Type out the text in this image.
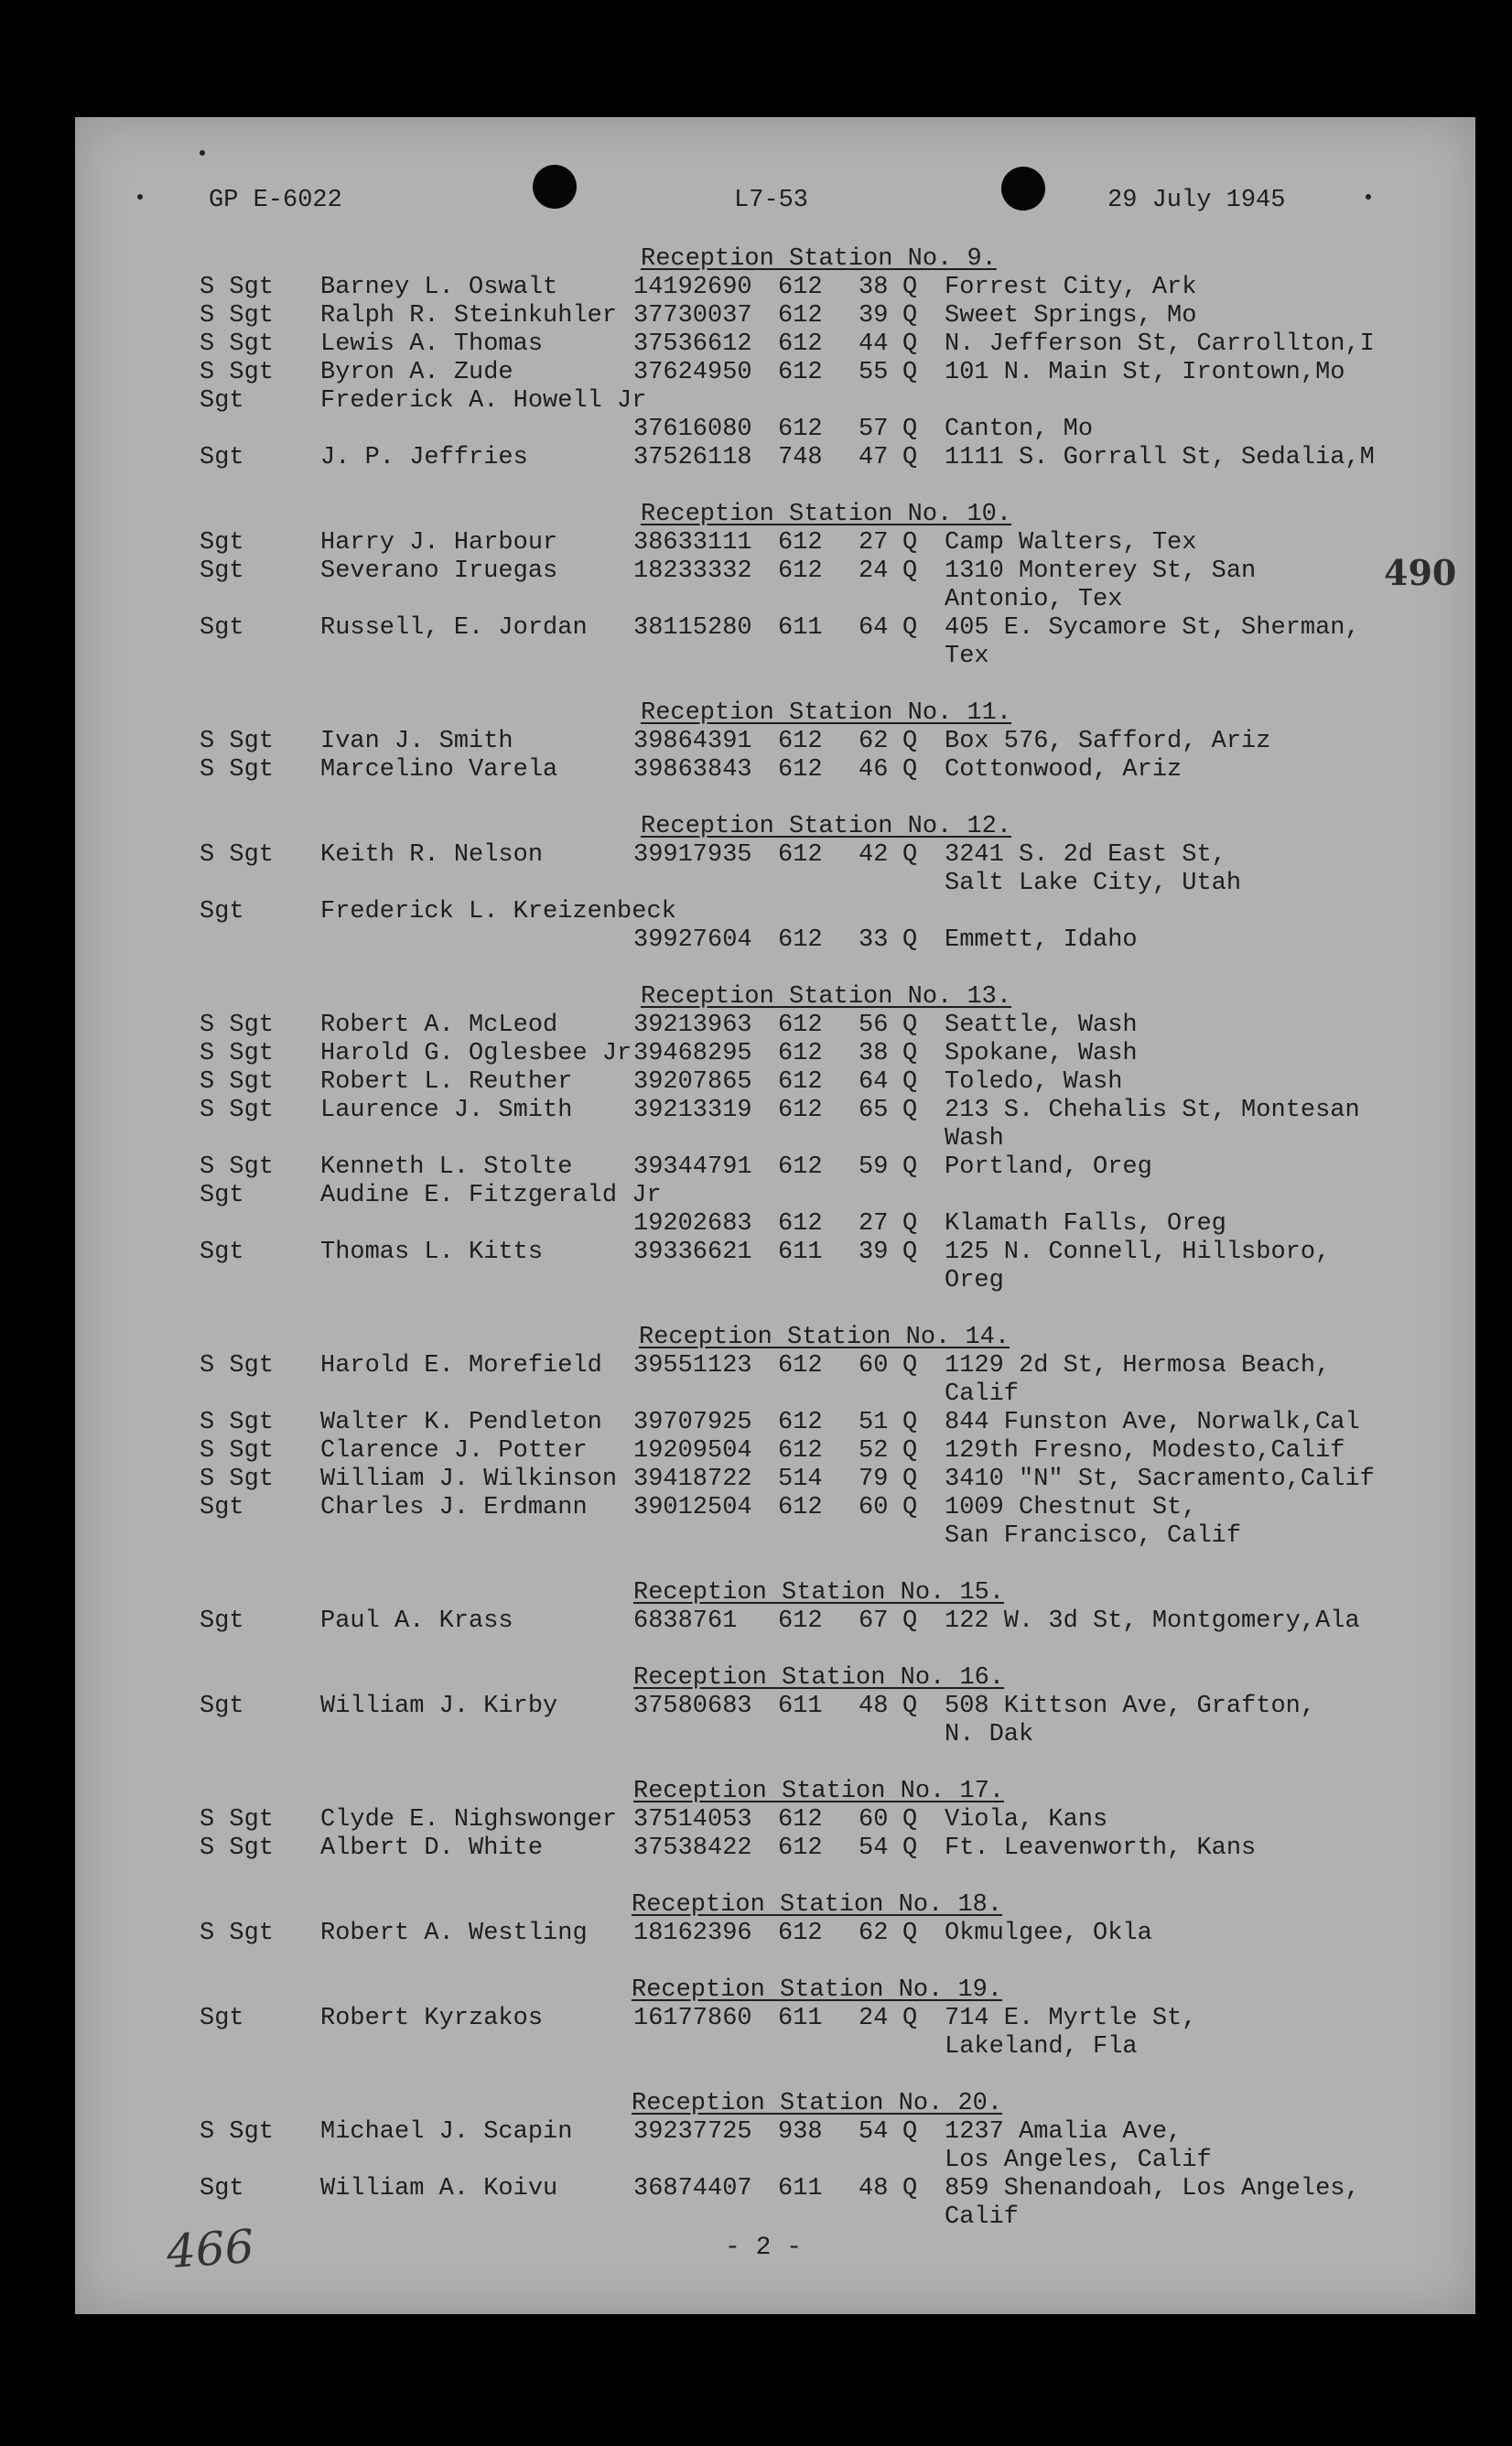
GP E-6022	L7-53	29 July 1945
Reception Station No. 9.
S Sgt	Barney L. Oswalt	14192690	612	38 Q	Forrest City, Ark
S Sgt	Ralph R. Steinkuhler 37730037	612	39 Q	Sweet Springs, Mo
S Sgt	Lewis A. Thomas	37536612	612	44 Q	N. Jefferson St, Carrollton,I
S Sgt	Byron A. Zude	37624950	612	55 Q	101 N. Main St, Irontown,Mo
Sgt	Frederick A. Howell Jr
37616080	612	57 Q	Canton, Mo
Sgt	J. P. Jeffries	37526118	748	47 Q	1111 S. Gorrall St, Sedalia,M
Reception Station No. 10.
Sgt	Harry J. Harbour	38633111	612	27 Q	Camp Walters, Tex
Sgt	Severano Iruegas	18233332	612	24 Q	1310 Monterey St, San
Antonio, Tex
Sgt	Russell, E. Jordan	38115280	611	64 Q	405 E. Sycamore St, Sherman,
Tex
Reception Station No. 11.
S Sgt	Ivan J. Smith	39864391	612	62 Q	Box 576, Safford, Ariz
S Sgt	Marcelino Varela	39863843	612	46 Q	Cottonwood, Ariz
Reception Station No. 12.
S Sgt	Keith R. Nelson	39917935	612	42 Q	3241 S. 2d East St,
Salt Lake City, Utah
Sgt	Frederick L. Kreizenbeck
39927604	612	33 Q	Emmett, Idaho
Reception Station No. 13.
S Sgt	Robert A. McLeod	39213963	612	56 Q	Seattle, Wash
S Sgt	Harold G. Oglesbee Jr 39468295	612	38 Q	Spokane, Wash
S Sgt	Robert L. Reuther	39207865	612	64 Q	Toledo, Wash
S Sgt	Laurence J. Smith	39213319	612	65 Q	213 S. Chehalis St, Montesan
Wash
S Sgt	Kenneth L. Stolte	39344791	612	59 Q	Portland, Oreg
Sgt	Audine E. Fitzgerald Jr
19202683	612	27 Q	Klamath Falls, Oreg
Sgt	Thomas L. Kitts	39336621	611	39 Q	125 N. Connell, Hillsboro,
Oreg
Reception Station No. 14.
S Sgt	Harold E. Morefield	39551123	612	60 Q	1129 2d St, Hermosa Beach,
Calif
S Sgt	Walter K. Pendleton	39707925	612	51 Q	844 Funston Ave, Norwalk,Cal
S Sgt	Clarence J. Potter	19209504	612	52 Q	129th Fresno, Modesto,Calif
S Sgt	William J. Wilkinson 39418722	514	79 Q	3410 "N" St, Sacramento,Calif
Sgt	Charles J. Erdmann	39012504	612	60 Q	1009 Chestnut St,
San Francisco, Calif
Reception Station No. 15.
Sgt	Paul A. Krass	6838761	612	67 Q	122 W. 3d St, Montgomery,Ala
Reception Station No. 16.
Sgt	William J. Kirby	37580683	611	48 Q	508 Kittson Ave, Grafton,
N. Dak
Reception Station No. 17.
S Sgt	Clyde E. Nighswonger 37514053	612	60 Q	Viola, Kans
S Sgt	Albert D. White	37538422	612	54 Q	Ft. Leavenworth, Kans
Reception Station No. 18.
S Sgt	Robert A. Westling	18162396	612	62 Q	Okmulgee, Okla
Reception Station No. 19.
Sgt	Robert Kyrzakos	16177860	611	24 Q	714 E. Myrtle St,
Lakeland, Fla
Reception Station No. 20.
S Sgt	Michael J. Scapin	39237725	938	54 Q	1237 Amalia Ave,
Los Angeles, Calif
Sgt	William A. Koivu	36874407	611	48 Q	859 Shenandoah, Los Angeles,
Calif
490
466	- 2 -
